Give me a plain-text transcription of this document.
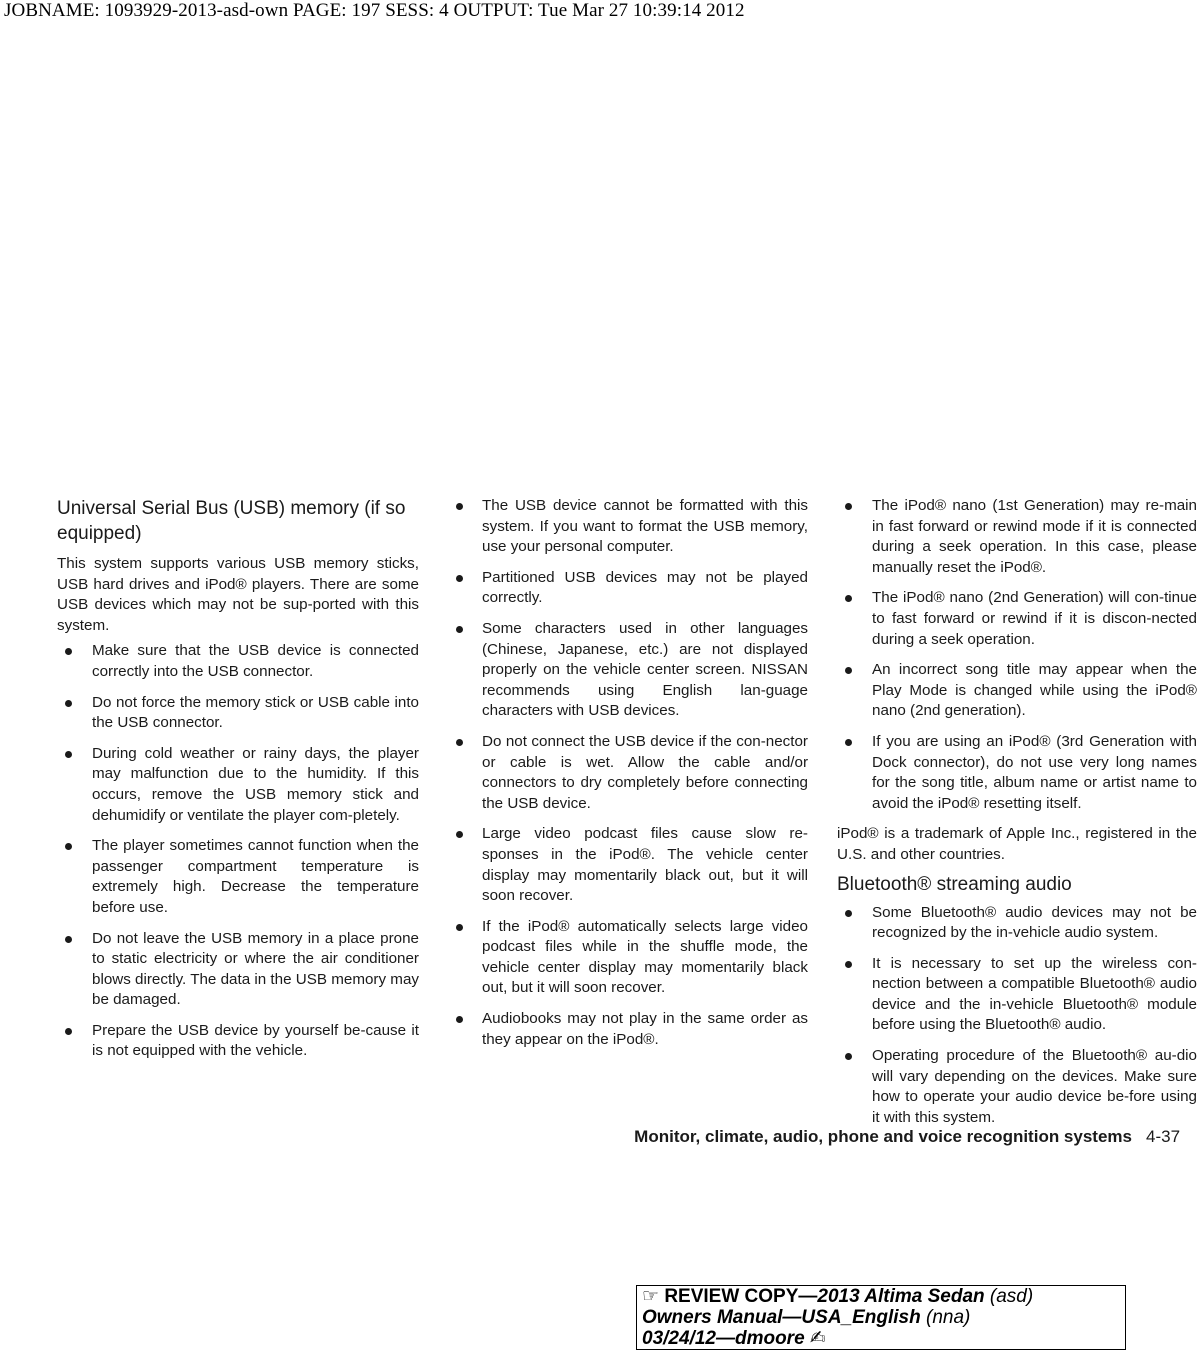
JOBNAME: 1093929-2013-asd-own PAGE: 197 SESS: 4 OUTPUT: Tue Mar 27 10:39:14 2012
Universal Serial Bus (USB) memory (if so equipped)

This system supports various USB memory sticks, USB hard drives and iPod® players. There are some USB devices which may not be sup-ported with this system.

Make sure that the USB device is connected correctly into the USB connector.
Do not force the memory stick or USB cable into the USB connector.
During cold weather or rainy days, the player may malfunction due to the humidity. If this occurs, remove the USB memory stick and dehumidify or ventilate the player com-pletely.
The player sometimes cannot function when the passenger compartment temperature is extremely high. Decrease the temperature before use.
Do not leave the USB memory in a place prone to static electricity or where the air conditioner blows directly. The data in the USB memory may be damaged.
Prepare the USB device by yourself be-cause it is not equipped with the vehicle.
The USB device cannot be formatted with this system. If you want to format the USB memory, use your personal computer.
Partitioned USB devices may not be played correctly.
Some characters used in other languages (Chinese, Japanese, etc.) are not displayed properly on the vehicle center screen. NISSAN recommends using English lan-guage characters with USB devices.
Do not connect the USB device if the con-nector or cable is wet. Allow the cable and/or connectors to dry completely before connecting the USB device.
Large video podcast files cause slow re-sponses in the iPod®. The vehicle center display may momentarily black out, but it will soon recover.
If the iPod® automatically selects large video podcast files while in the shuffle mode, the vehicle center display may momentarily black out, but it will soon recover.
Audiobooks may not play in the same order as they appear on the iPod®.
The iPod® nano (1st Generation) may re-main in fast forward or rewind mode if it is connected during a seek operation. In this case, please manually reset the iPod®.
The iPod® nano (2nd Generation) will con-tinue to fast forward or rewind if it is discon-nected during a seek operation.
An incorrect song title may appear when the Play Mode is changed while using the iPod® nano (2nd generation).
If you are using an iPod® (3rd Generation with Dock connector), do not use very long names for the song title, album name or artist name to avoid the iPod® resetting itself.

iPod® is a trademark of Apple Inc., registered in the U.S. and other countries.

Bluetooth® streaming audio
Some Bluetooth® audio devices may not be recognized by the in-vehicle audio system.
It is necessary to set up the wireless con-nection between a compatible Bluetooth® audio device and the in-vehicle Bluetooth® module before using the Bluetooth® audio.
Operating procedure of the Bluetooth® au-dio will vary depending on the devices. Make sure how to operate your audio device be-fore using it with this system.
Monitor, climate, audio, phone and voice recognition systems 4-37
☞ REVIEW COPY—2013 Altima Sedan (asd)
Owners Manual—USA_English (nna)
03/24/12—dmoore ✍
